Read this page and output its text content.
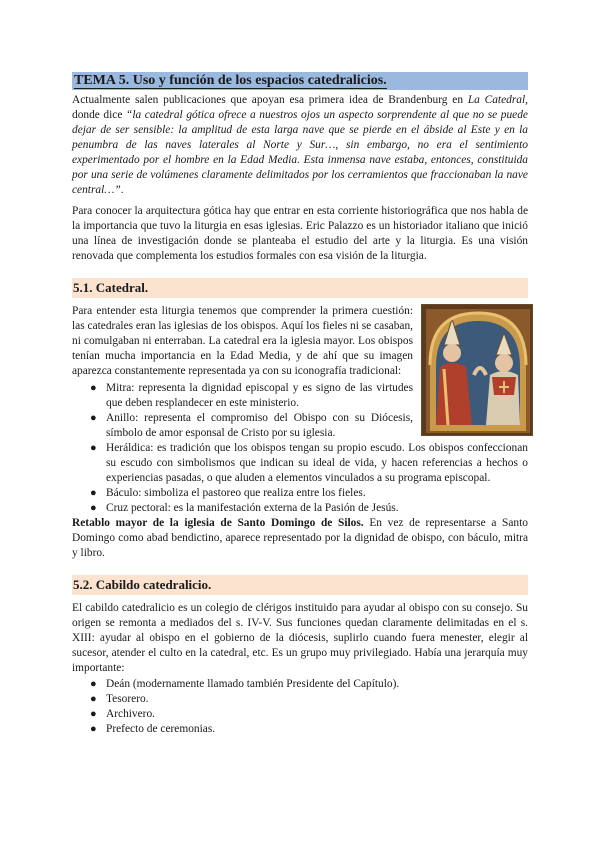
TEMA 5. Uso y función de los espacios catedralicios.

Actualmente salen publicaciones que apoyan esa primera idea de Brandenburg en La Catedral, donde dice “la catedral gótica ofrece a nuestros ojos un aspecto sorprendente al que no se puede dejar de ser sensible: la amplitud de esta larga nave que se pierde en el ábside al Este y en la penumbra de las naves laterales al Norte y Sur…, sin embargo, no era el sentimiento experimentado por el hombre en la Edad Media. Esta inmensa nave estaba, entonces, constituida por una serie de volúmenes claramente delimitados por los cerramientos que fraccionaban la nave central…”.

Para conocer la arquitectura gótica hay que entrar en esta corriente historiográfica que nos habla de la importancia que tuvo la liturgia en esas iglesias. Eric Palazzo es un historiador italiano que inició una línea de investigación donde se planteaba el estudio del arte y la liturgia. Es una visión renovada que complementa los estudios formales con esa visión de la liturgia.

5.1. Catedral.

Para entender esta liturgia tenemos que comprender la primera cuestión: las catedrales eran las iglesias de los obispos. Aquí los fieles ni se casaban, ni comulgaban ni enterraban. La catedral era la iglesia mayor. Los obispos tenían mucha importancia en la Edad Media, y de ahí que su imagen aparezca constantemente representada ya con su iconografía tradicional:

● Mitra: representa la dignidad episcopal y es signo de las virtudes que deben resplandecer en este ministerio.
● Anillo: representa el compromiso del Obispo con su Diócesis, símbolo de amor esponsal de Cristo por su iglesia.
● Heráldica: es tradición que los obispos tengan su propio escudo. Los obispos confeccionan su escudo con simbolismos que indican su ideal de vida, y hacen referencias a hechos o experiencias pasadas, o que aluden a elementos vinculados a su programa episcopal.
● Báculo: simboliza el pastoreo que realiza entre los fieles.
● Cruz pectoral: es la manifestación externa de la Pasión de Jesús.

Retablo mayor de la iglesia de Santo Domingo de Silos. En vez de representarse a Santo Domingo como abad bendictino, aparece representado por la dignidad de obispo, con báculo, mitra y libro.

5.2. Cabildo catedralicio.

El cabildo catedralicio es un colegio de clérigos instituido para ayudar al obispo con su consejo. Su origen se remonta a mediados del s. IV-V. Sus funciones quedan claramente delimitadas en el s. XIII: ayudar al obispo en el gobierno de la diócesis, suplirlo cuando fuera menester, elegir al sucesor, atender el culto en la catedral, etc. Es un grupo muy privilegiado. Había una jerarquía muy importante:

● Deán (modernamente llamado también Presidente del Capítulo).
● Tesorero.
● Archivero.
● Prefecto de ceremonias.
